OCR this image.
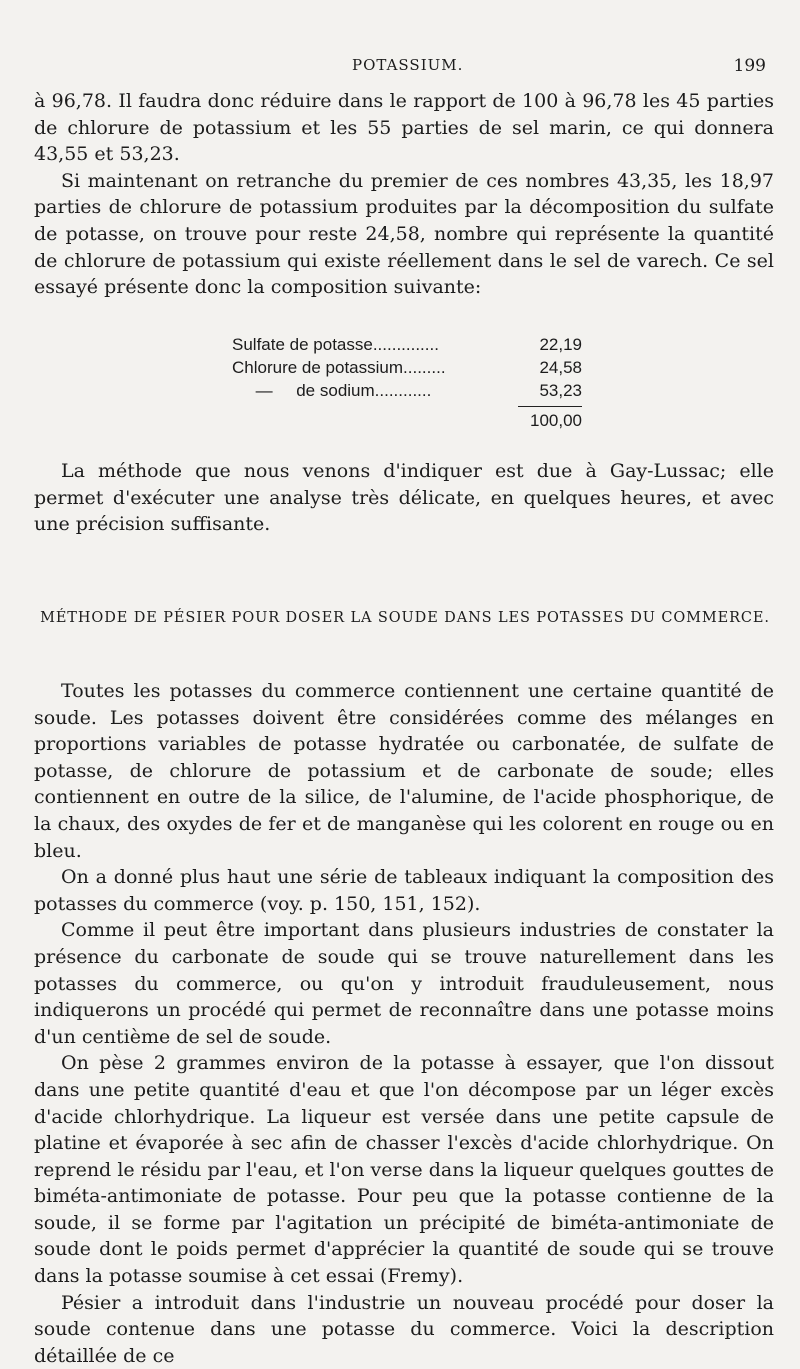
POTASSIUM.	199

à 96,78. Il faudra donc réduire dans le rapport de 100 à 96,78 les 45 parties de chlorure de potassium et les 55 parties de sel marin, ce qui donnera 43,55 et 53,23.

Si maintenant on retranche du premier de ces nombres 43,35, les 18,97 parties de chlorure de potassium produites par la décomposition du sulfate de potasse, on trouve pour reste 24,58, nombre qui représente la quantité de chlorure de potassium qui existe réellement dans le sel de varech. Ce sel essayé présente donc la composition suivante:

Sulfate de potasse..............	22,19
Chlorure de potassium.........	24,58
—     de sodium............	53,23
100,00

La méthode que nous venons d'indiquer est due à Gay-Lussac; elle permet d'exécuter une analyse très délicate, en quelques heures, et avec une précision suffisante.

MÉTHODE DE PÉSIER POUR DOSER LA SOUDE DANS LES POTASSES DU COMMERCE.

Toutes les potasses du commerce contiennent une certaine quantité de soude. Les potasses doivent être considérées comme des mélanges en proportions variables de potasse hydratée ou carbonatée, de sulfate de potasse, de chlorure de potassium et de carbonate de soude; elles contiennent en outre de la silice, de l'alumine, de l'acide phosphorique, de la chaux, des oxydes de fer et de manganèse qui les colorent en rouge ou en bleu.

On a donné plus haut une série de tableaux indiquant la composition des potasses du commerce (voy. p. 150, 151, 152).

Comme il peut être important dans plusieurs industries de constater la présence du carbonate de soude qui se trouve naturellement dans les potasses du commerce, ou qu'on y introduit frauduleusement, nous indiquerons un procédé qui permet de reconnaître dans une potasse moins d'un centième de sel de soude.

On pèse 2 grammes environ de la potasse à essayer, que l'on dissout dans une petite quantité d'eau et que l'on décompose par un léger excès d'acide chlorhydrique. La liqueur est versée dans une petite capsule de platine et évaporée à sec afin de chasser l'excès d'acide chlorhydrique. On reprend le résidu par l'eau, et l'on verse dans la liqueur quelques gouttes de biméta-antimoniate de potasse. Pour peu que la potasse contienne de la soude, il se forme par l'agitation un précipité de biméta-antimoniate de soude dont le poids permet d'apprécier la quantité de soude qui se trouve dans la potasse soumise à cet essai (Fremy).

Pésier a introduit dans l'industrie un nouveau procédé pour doser la soude contenue dans une potasse du commerce. Voici la description détaillée de ce
